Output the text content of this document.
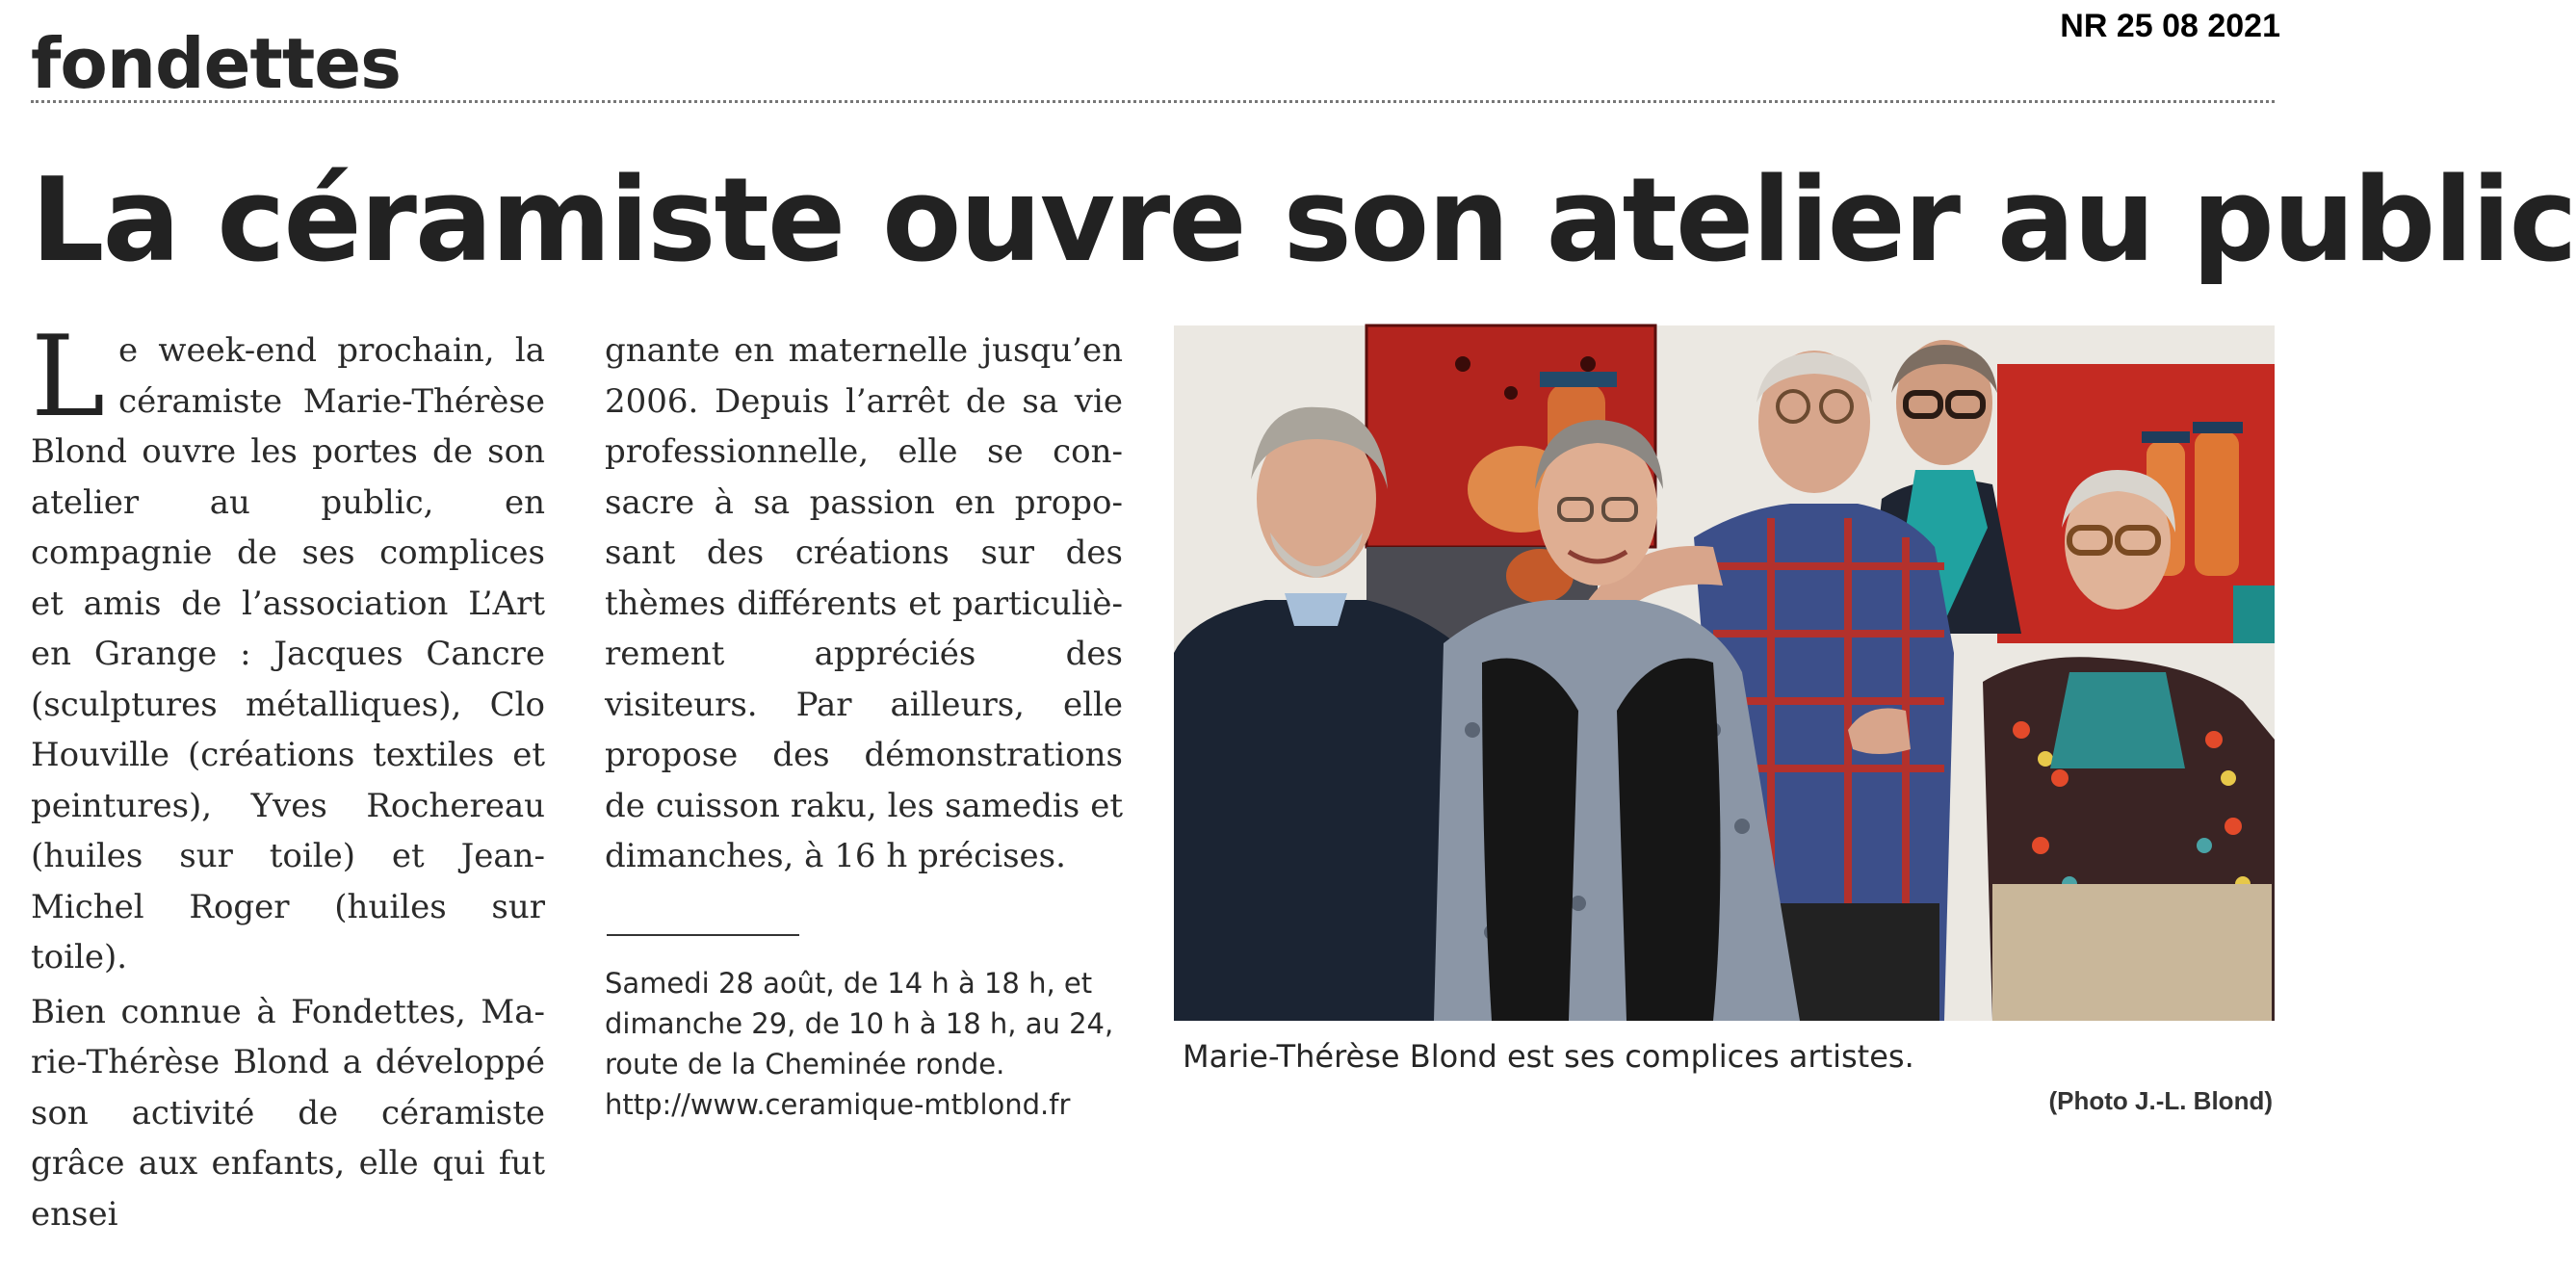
NR 25 08 2021
fondettes
La céramiste ouvre son atelier au public

Le week-end prochain, la céramiste Marie-Thérèse Blond ouvre les portes de son atelier au public, en compagnie de ses complices et amis de l’association L’Art en Grange : Jacques Cancre (sculptures métalliques), Clo Houville (créations textiles et peintures), Yves Rochereau (huiles sur toile) et Jean-Michel Roger (huiles sur toile).

Bien connue à Fondettes, Marie-Thérèse Blond a développé son activité de céramiste grâce aux enfants, elle qui fut ensei

gnante en maternelle jusqu’en 2006. Depuis l’arrêt de sa vie professionnelle, elle se consacre à sa passion en proposant des créations sur des thèmes différents et particulièrement appréciés des visiteurs. Par ailleurs, elle propose des démonstrations de cuisson raku, les samedis et dimanches, à 16 h précises.

Samedi 28 août, de 14 h à 18 h, et
dimanche 29, de 10 h à 18 h, au 24,
route de la Cheminée ronde.
http://www.ceramique-mtblond.fr
Marie-Thérèse Blond est ses complices artistes.
(Photo J.-L. Blond)
